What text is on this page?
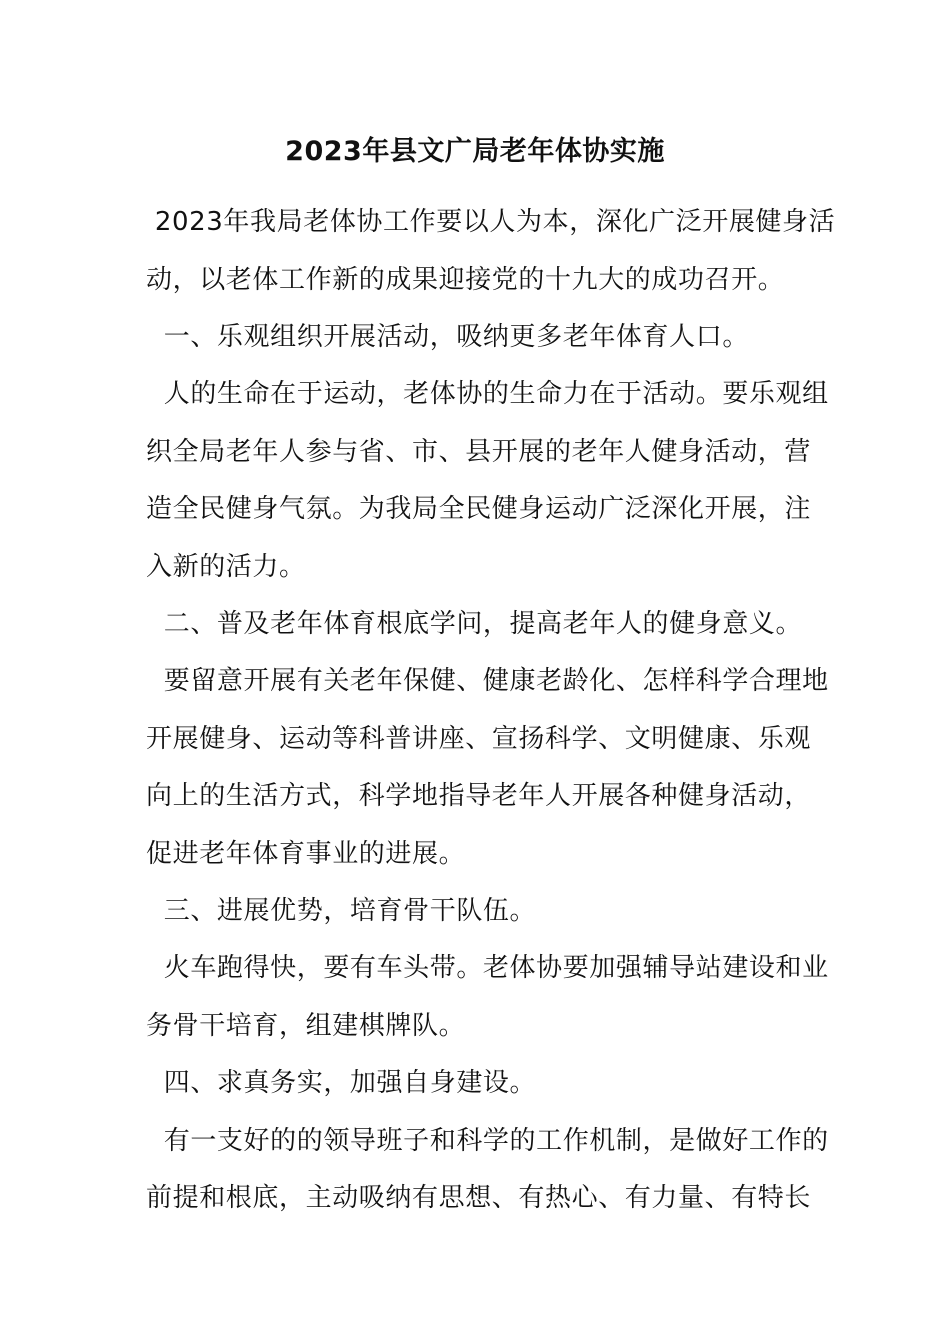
2023年县文广局老年体协实施
2023年我局老体协工作要以人为本，深化广泛开展健身活
动，以老体工作新的成果迎接党的十九大的成功召开。
一、乐观组织开展活动，吸纳更多老年体育人口。
人的生命在于运动，老体协的生命力在于活动。要乐观组
织全局老年人参与省、市、县开展的老年人健身活动，营
造全民健身气氛。为我局全民健身运动广泛深化开展，注
入新的活力。
二、普及老年体育根底学问，提高老年人的健身意义。
要留意开展有关老年保健、健康老龄化、怎样科学合理地
开展健身、运动等科普讲座、宣扬科学、文明健康、乐观
向上的生活方式，科学地指导老年人开展各种健身活动，
促进老年体育事业的进展。
三、进展优势，培育骨干队伍。
火车跑得快，要有车头带。老体协要加强辅导站建设和业
务骨干培育，组建棋牌队。
四、求真务实，加强自身建设。
有一支好的的领导班子和科学的工作机制，是做好工作的
前提和根底，主动吸纳有思想、有热心、有力量、有特长
